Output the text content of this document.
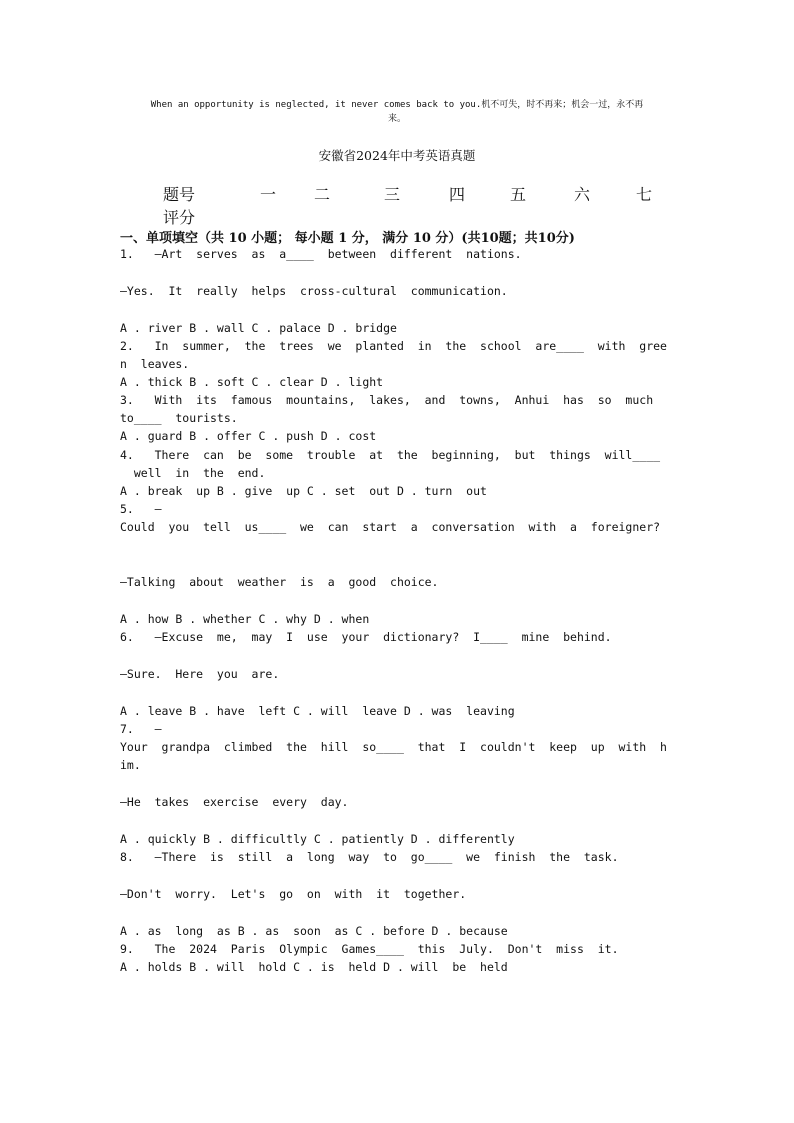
When an opportunity is neglected, it never comes back to you.机不可失，时不再来；机会一过，永不再
来。
安徽省2024年中考英语真题
题号	一 二	三	四	五	六	七
评分
一、单项填空（共 10 小题； 每小题 1 分， 满分 10 分）(共10题；共10分)
1.   —Art  serves  as  a____  between  different  nations.
—Yes.  It  really  helps  cross-cultural  communication.
A . river B . wall C . palace D . bridge
2.   In  summer,  the  trees  we  planted  in  the  school  are____  with  gree
n  leaves.
A . thick B . soft C . clear D . light
3.   With  its  famous  mountains,  lakes,  and  towns,  Anhui  has  so  much
to____  tourists.
A . guard B . offer C . push D . cost
4.   There  can  be  some  trouble  at  the  beginning,  but  things  will____
well  in  the  end.
A . break  up B . give  up C . set  out D . turn  out
5.   —
Could  you  tell  us____  we  can  start  a  conversation  with  a  foreigner?
—Talking  about  weather  is  a  good  choice.
A . how B . whether C . why D . when
6.   —Excuse  me,  may  I  use  your  dictionary?  I____  mine  behind.
—Sure.  Here  you  are.
A . leave B . have  left C . will  leave D . was  leaving
7.   —
Your  grandpa  climbed  the  hill  so____  that  I  couldn't  keep  up  with  h
im.
—He  takes  exercise  every  day.
A . quickly B . difficultly C . patiently D . differently
8.   —There  is  still  a  long  way  to  go____  we  finish  the  task.
—Don't  worry.  Let's  go  on  with  it  together.
A . as  long  as B . as  soon  as C . before D . because
9.   The  2024  Paris  Olympic  Games____  this  July.  Don't  miss  it.
A . holds B . will  hold C . is  held D . will  be  held
